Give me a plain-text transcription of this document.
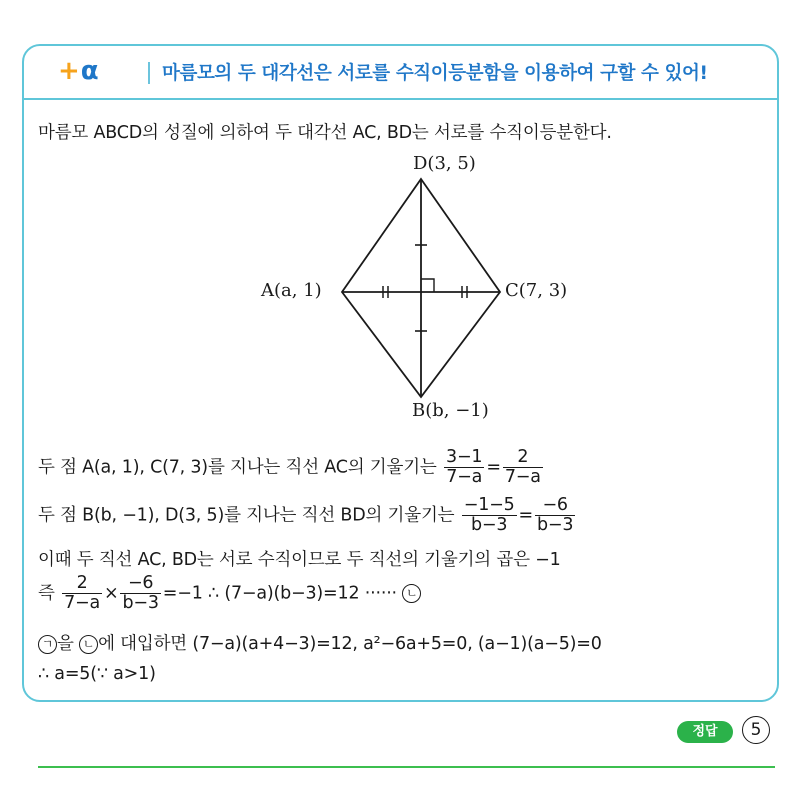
+α	마름모의 두 대각선은 서로를 수직이등분함을 이용하여 구할 수 있어!
마름모 ABCD의 성질에 의하여 두 대각선 AC, BD는 서로를 수직이등분한다.
D(3, 5)
A(a, 1)	C(7, 3)
B(b, −1)
두 점 A(a, 1), C(7, 3)를 지나는 직선 AC의 기울기는 $\frac{3-1}{7-a} = \frac{2}{7-a}$
두 점 B(b, −1), D(3, 5)를 지나는 직선 BD의 기울기는 $\frac{-1-5}{b-3} = \frac{-6}{b-3}$
이때 두 직선 AC, BD는 서로 수직이므로 두 직선의 기울기의 곱은 −1
즉 $\frac{2}{7-a} \times \frac{-6}{b-3} =-1$ ∴ (7−a)(b−3)=12 ······ ㄴ
ㄱ 을 ㄴ 에 대입하면 (7−a)(a+4−3)=12, a²−6a+5=0, (a−1)(a−5)=0
∴ a=5(∵ a>1)
정답	5
